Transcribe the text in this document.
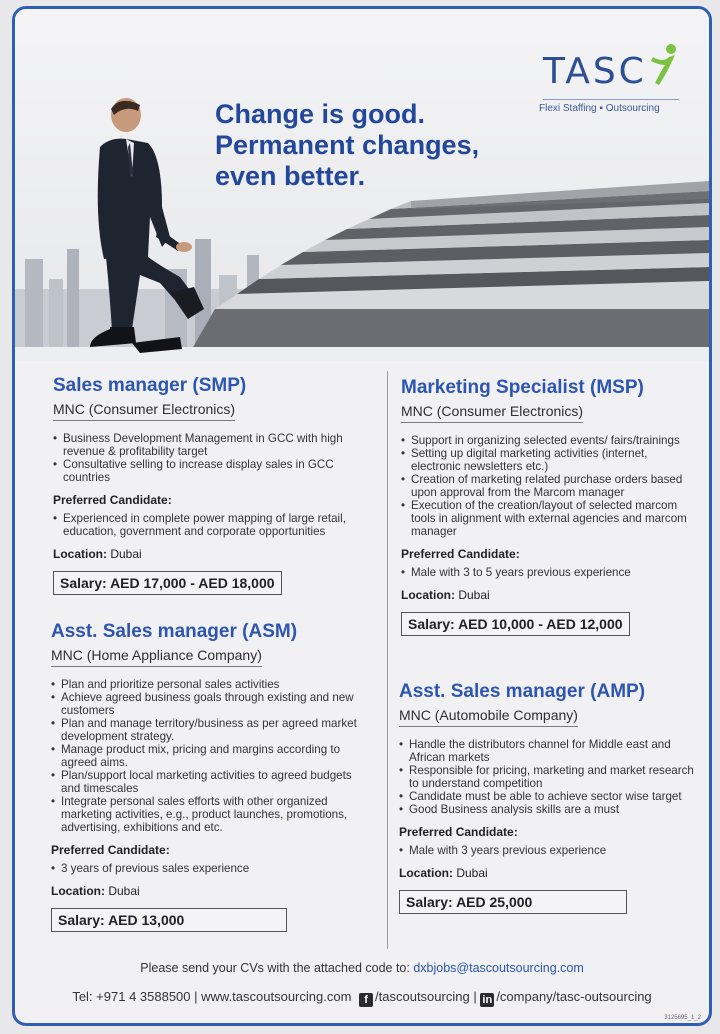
Change is good.
Permanent changes,
even better.
TASC
Flexi Staffing ▪ Outsourcing
Sales manager (SMP)
MNC (Consumer Electronics)
• Business Development Management in GCC with high revenue & profitability target
• Consultative selling to increase display sales in GCC countries
Preferred Candidate:
• Experienced in complete power mapping of large retail, education, government and corporate opportunities
Location: Dubai
Salary: AED 17,000 - AED 18,000
Asst. Sales manager (ASM)
MNC (Home Appliance Company)
• Plan and prioritize personal sales activities
• Achieve agreed business goals through existing and new customers
• Plan and manage territory/business as per agreed market development strategy.
• Manage product mix, pricing and margins according to agreed aims.
• Plan/support local marketing activities to agreed budgets and timescales
• Integrate personal sales efforts with other organized marketing activities, e.g., product launches, promotions, advertising, exhibitions and etc.
Preferred Candidate:
• 3 years of previous sales experience
Location: Dubai
Salary: AED 13,000
Marketing Specialist (MSP)
MNC (Consumer Electronics)
• Support in organizing selected events/ fairs/trainings
• Setting up digital marketing activities (internet, electronic newsletters etc.)
• Creation of marketing related purchase orders based upon approval from the Marcom manager
• Execution of the creation/layout of selected marcom tools in alignment with external agencies and marcom manager
Preferred Candidate:
• Male with 3 to 5 years previous experience
Location: Dubai
Salary: AED 10,000 - AED 12,000
Asst. Sales manager (AMP)
MNC (Automobile Company)
• Handle the distributors channel for Middle east and African markets
• Responsible for pricing, marketing and market research to understand competition
• Candidate must be able to achieve sector wise target
• Good Business analysis skills are a must
Preferred Candidate:
• Male with 3 years previous experience
Location: Dubai
Salary: AED 25,000
Please send your CVs with the attached code to: dxbjobs@tascoutsourcing.com
Tel: +971 4 3588500 | www.tascoutsourcing.com f /tascoutsourcing | in /company/tasc-outsourcing
3125695_1_2
